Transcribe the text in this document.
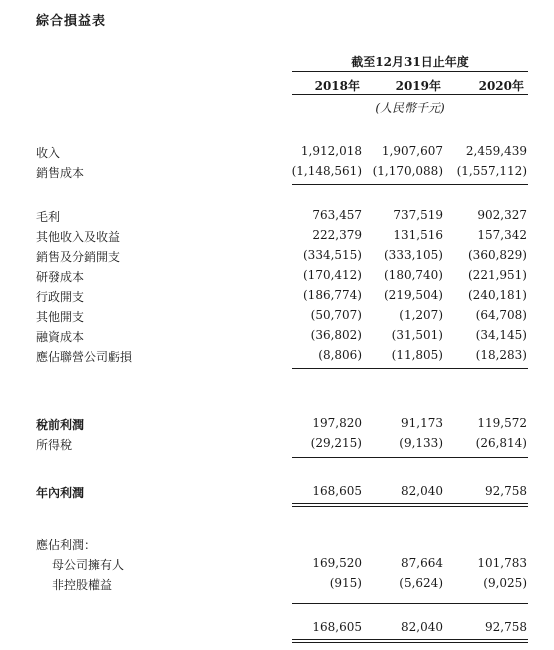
綜合損益表
截至12月31日止年度
2018年	2019年	2020年
(人民幣千元)
收入	1,912,018	1,907,607	2,459,439
銷售成本	(1,148,561) (1,170,088)	(1,557,112)
毛利	763,457	737,519	902,327
其他收入及收益	222,379	131,516	157,342
銷售及分銷開支	(334,515)	(333,105)	(360,829)
研發成本	(170,412)	(180,740)	(221,951)
行政開支	(186,774)	(219,504)	(240,181)
其他開支	(50,707)	(1,207)	(64,708)
融資成本	(36,802)	(31,501)	(34,145)
應佔聯營公司虧損	(8,806)	(11,805)	(18,283)
稅前利潤	197,820	91,173	119,572
所得稅	(29,215)	(9,133)	(26,814)
年內利潤	168,605	82,040	92,758
應佔利潤：
母公司擁有人	169,520	87,664	101,783
非控股權益	(915)	(5,624)	(9,025)
168,605	82,040	92,758
